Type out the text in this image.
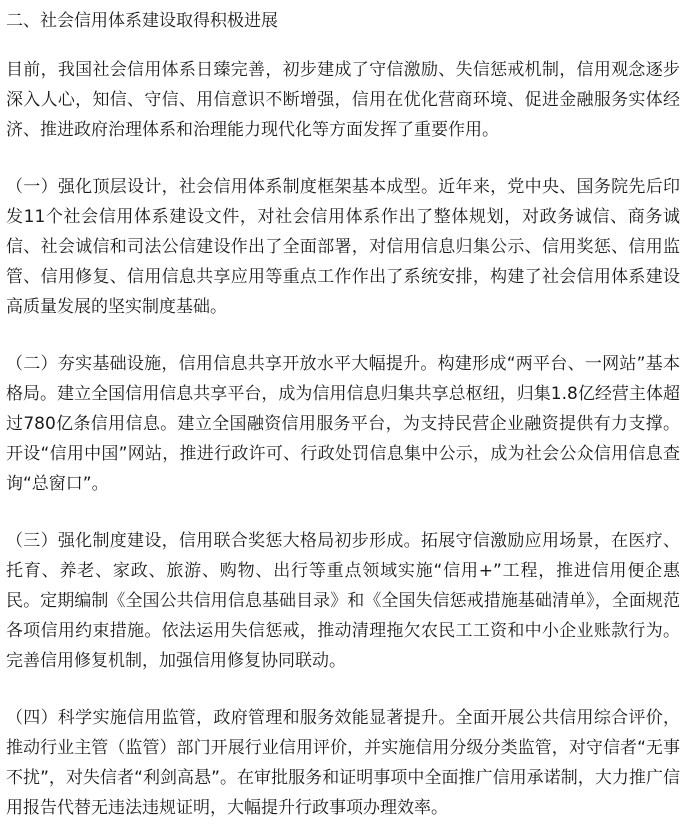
二、社会信用体系建设取得积极进展

目前，我国社会信用体系日臻完善，初步建成了守信激励、失信惩戒机制，信用观念逐步深入人心，知信、守信、用信意识不断增强，信用在优化营商环境、促进金融服务实体经济、推进政府治理体系和治理能力现代化等方面发挥了重要作用。

（一）强化顶层设计，社会信用体系制度框架基本成型。近年来，党中央、国务院先后印发11个社会信用体系建设文件，对社会信用体系作出了整体规划，对政务诚信、商务诚信、社会诚信和司法公信建设作出了全面部署，对信用信息归集公示、信用奖惩、信用监管、信用修复、信用信息共享应用等重点工作作出了系统安排，构建了社会信用体系建设高质量发展的坚实制度基础。

（二）夯实基础设施，信用信息共享开放水平大幅提升。构建形成“两平台、一网站”基本格局。建立全国信用信息共享平台，成为信用信息归集共享总枢纽，归集1.8亿经营主体超过780亿条信用信息。建立全国融资信用服务平台，为支持民营企业融资提供有力支撑。开设“信用中国”网站，推进行政许可、行政处罚信息集中公示，成为社会公众信用信息查询“总窗口”。

（三）强化制度建设，信用联合奖惩大格局初步形成。拓展守信激励应用场景，在医疗、托育、养老、家政、旅游、购物、出行等重点领域实施“信用+”工程，推进信用便企惠民。定期编制《全国公共信用信息基础目录》和《全国失信惩戒措施基础清单》，全面规范各项信用约束措施。依法运用失信惩戒，推动清理拖欠农民工工资和中小企业账款行为。完善信用修复机制，加强信用修复协同联动。

（四）科学实施信用监管，政府管理和服务效能显著提升。全面开展公共信用综合评价，推动行业主管（监管）部门开展行业信用评价，并实施信用分级分类监管，对守信者“无事不扰”，对失信者“利剑高悬”。在审批服务和证明事项中全面推广信用承诺制，大力推广信用报告代替无违法违规证明，大幅提升行政事项办理效率。
